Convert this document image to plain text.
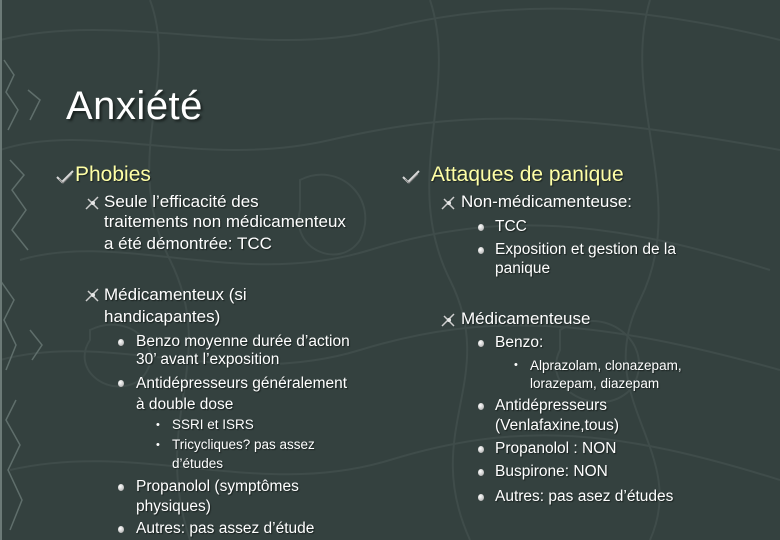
Anxiété
Phobies
Seule l’efficacité des
traitements non médicamenteux
a été démontrée: TCC
Médicamenteux (si
handicapantes)
Benzo moyenne durée d’action
30’ avant l’exposition
Antidépresseurs généralement
à double dose
• SSRI et ISRS
• Tricycliques? pas assez
d’études
Propanolol (symptômes
physiques)
Autres: pas assez d’étude
Attaques de panique
Non-médicamenteuse:
TCC
Exposition et gestion de la
panique
Médicamenteuse
Benzo:
• Alprazolam, clonazepam,
lorazepam, diazepam
Antidépresseurs
(Venlafaxine,tous)
Propanolol : NON
Buspirone: NON
Autres: pas asez d’études
